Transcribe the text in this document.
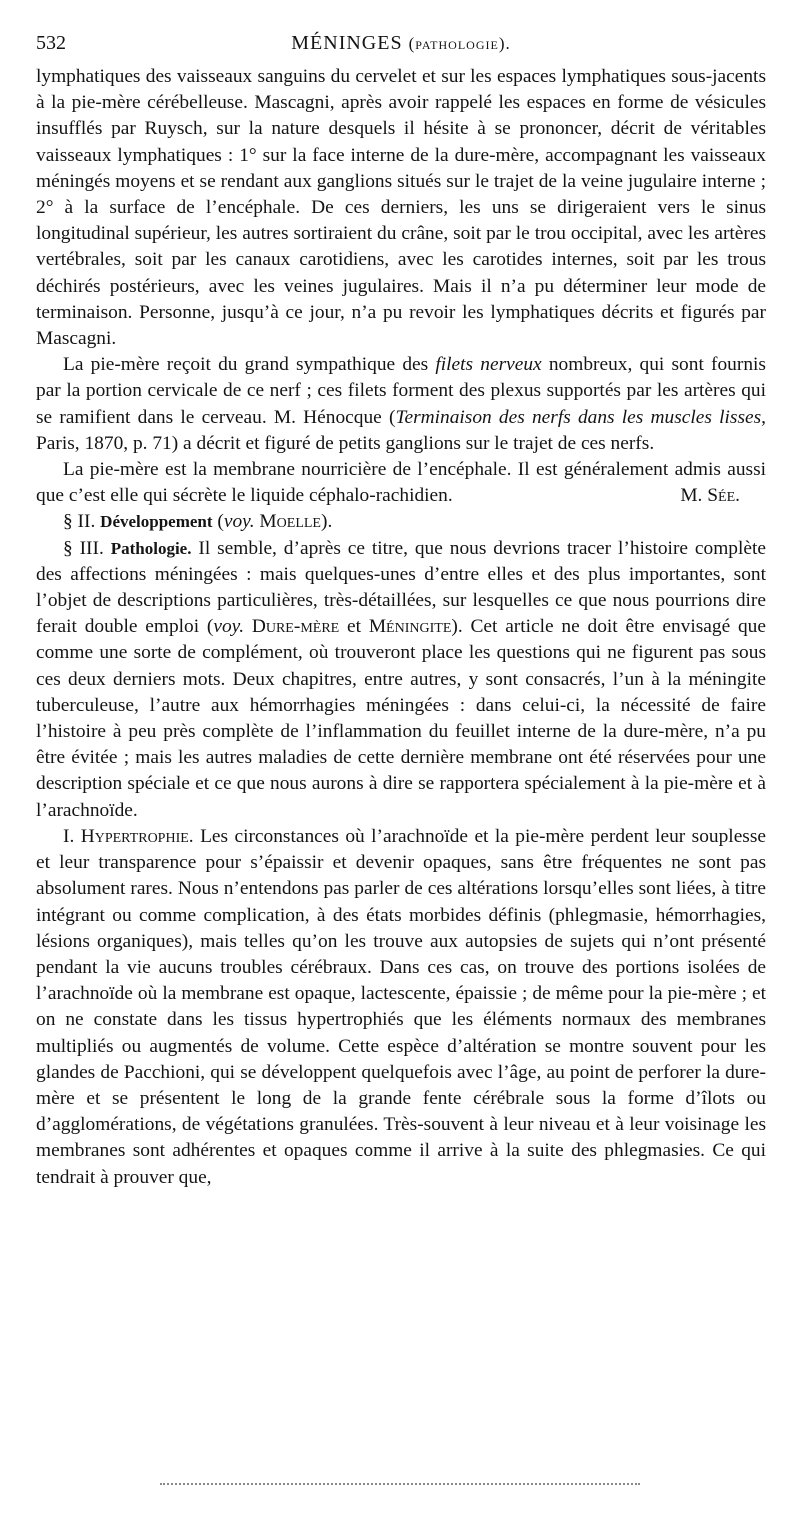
532	MÉNINGES (pathologie).

lymphatiques des vaisseaux sanguins du cervelet et sur les espaces lymphatiques sous-jacents à la pie-mère cérébelleuse. Mascagni, après avoir rappelé les espaces en forme de vésicules insufflés par Ruysch, sur la nature desquels il hésite à se prononcer, décrit de véritables vaisseaux lymphatiques : 1° sur la face interne de la dure-mère, accompagnant les vaisseaux méningés moyens et se rendant aux ganglions situés sur le trajet de la veine jugulaire interne ; 2° à la surface de l’encéphale. De ces derniers, les uns se dirigeraient vers le sinus longitudinal supérieur, les autres sortiraient du crâne, soit par le trou occipital, avec les artères vertébrales, soit par les canaux carotidiens, avec les carotides internes, soit par les trous déchirés postérieurs, avec les veines jugulaires. Mais il n’a pu déterminer leur mode de terminaison. Personne, jusqu’à ce jour, n’a pu revoir les lymphatiques décrits et figurés par Mascagni.

La pie-mère reçoit du grand sympathique des filets nerveux nombreux, qui sont fournis par la portion cervicale de ce nerf ; ces filets forment des plexus supportés par les artères qui se ramifient dans le cerveau. M. Hénocque (Terminaison des nerfs dans les muscles lisses, Paris, 1870, p. 71) a décrit et figuré de petits ganglions sur le trajet de ces nerfs.

La pie-mère est la membrane nourricière de l’encéphale. Il est généralement admis aussi que c’est elle qui sécrète le liquide céphalo-rachidien.	M. Sée.

§ II. Développement (voy. Moelle).

§ III. Pathologie. Il semble, d’après ce titre, que nous devrions tracer l’histoire complète des affections méningées : mais quelques-unes d’entre elles et des plus importantes, sont l’objet de descriptions particulières, très-détaillées, sur lesquelles ce que nous pourrions dire ferait double emploi (voy. Dure-mère et Méningite). Cet article ne doit être envisagé que comme une sorte de complément, où trouveront place les questions qui ne figurent pas sous ces deux derniers mots. Deux chapitres, entre autres, y sont consacrés, l’un à la méningite tuberculeuse, l’autre aux hémorrhagies méningées : dans celui-ci, la nécessité de faire l’histoire à peu près complète de l’inflammation du feuillet interne de la dure-mère, n’a pu être évitée ; mais les autres maladies de cette dernière membrane ont été réservées pour une description spéciale et ce que nous aurons à dire se rapportera spécialement à la pie-mère et à l’arachnoïde.

I. Hypertrophie. Les circonstances où l’arachnoïde et la pie-mère perdent leur souplesse et leur transparence pour s’épaissir et devenir opaques, sans être fréquentes ne sont pas absolument rares. Nous n’entendons pas parler de ces altérations lorsqu’elles sont liées, à titre intégrant ou comme complication, à des états morbides définis (phlegmasie, hémorrhagies, lésions organiques), mais telles qu’on les trouve aux autopsies de sujets qui n’ont présenté pendant la vie aucuns troubles cérébraux. Dans ces cas, on trouve des portions isolées de l’arachnoïde où la membrane est opaque, lactescente, épaissie ; de même pour la pie-mère ; et on ne constate dans les tissus hypertrophiés que les éléments normaux des membranes multipliés ou augmentés de volume. Cette espèce d’altération se montre souvent pour les glandes de Pacchioni, qui se développent quelquefois avec l’âge, au point de perforer la dure-mère et se présentent le long de la grande fente cérébrale sous la forme d’îlots ou d’agglomérations, de végétations granulées. Très-souvent à leur niveau et à leur voisinage les membranes sont adhérentes et opaques comme il arrive à la suite des phlegmasies. Ce qui tendrait à prouver que,
